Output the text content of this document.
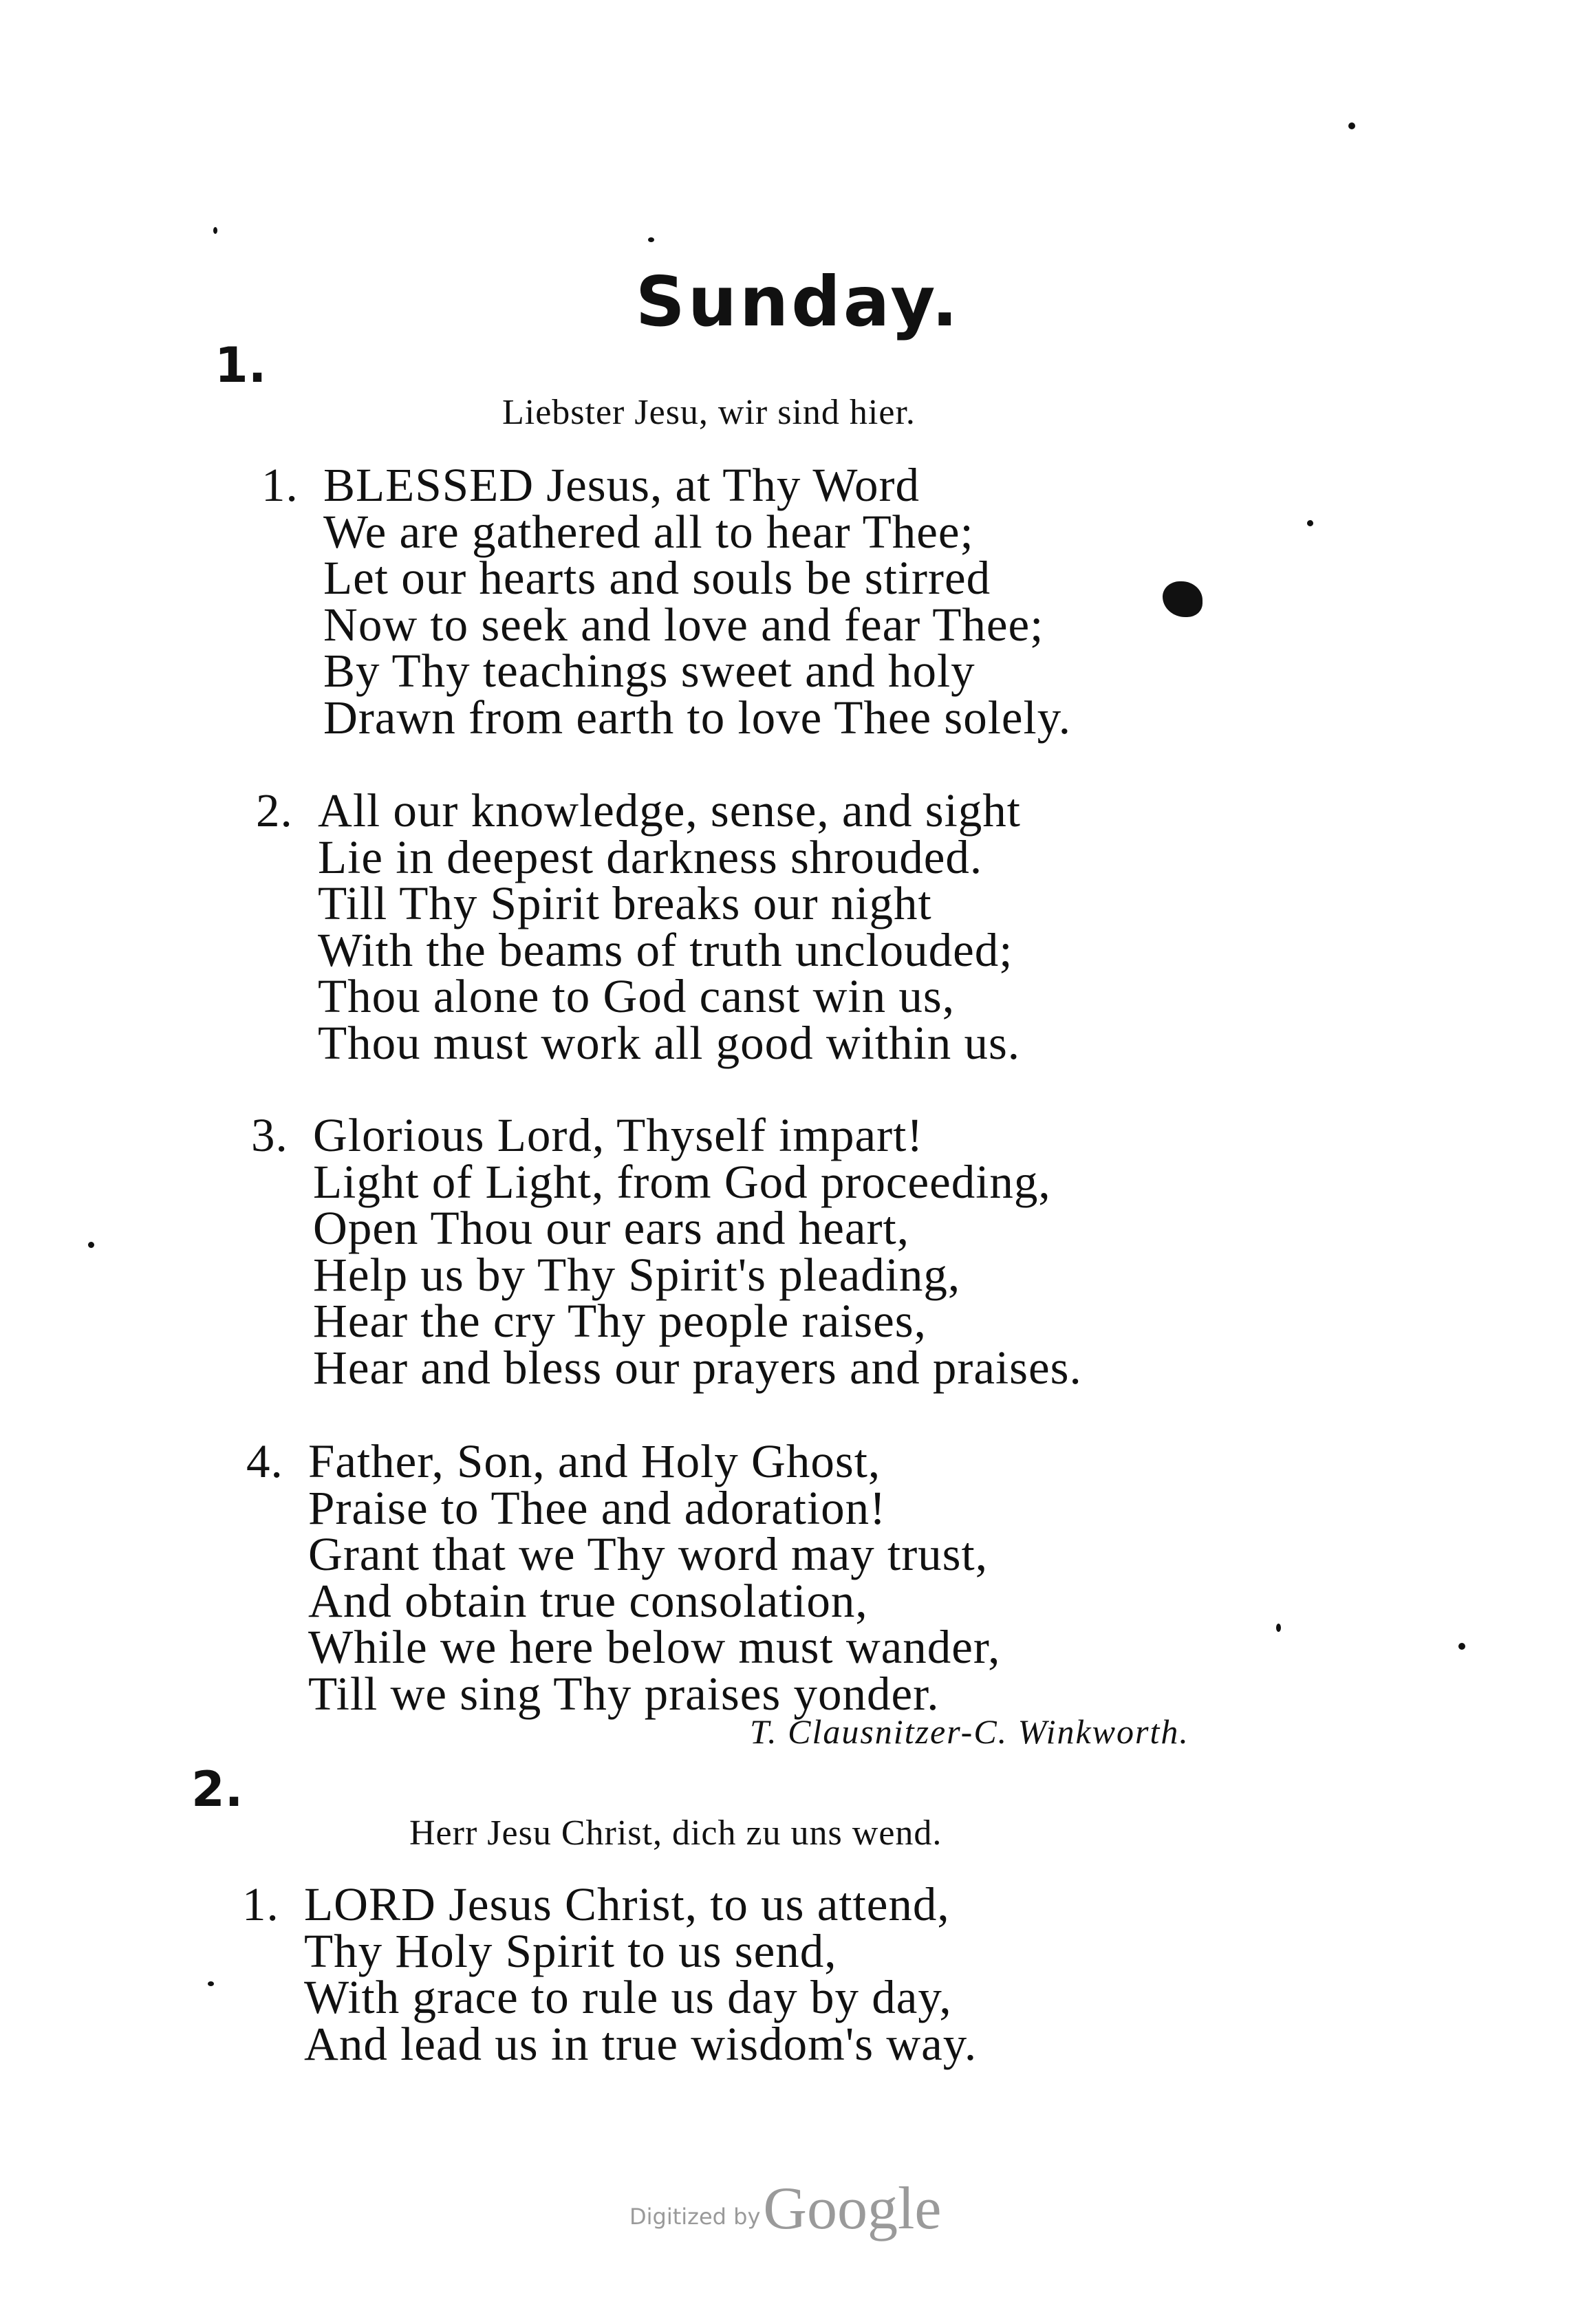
Sunday.
1.
Liebster Jesu, wir sind hier.
1. BLESSED Jesus, at Thy Word
We are gathered all to hear Thee;
Let our hearts and souls be stirred
Now to seek and love and fear Thee;
By Thy teachings sweet and holy
Drawn from earth to love Thee solely.
2. All our knowledge, sense, and sight
Lie in deepest darkness shrouded.
Till Thy Spirit breaks our night
With the beams of truth unclouded;
Thou alone to God canst win us,
Thou must work all good within us.
3. Glorious Lord, Thyself impart!
Light of Light, from God proceeding,
Open Thou our ears and heart,
Help us by Thy Spirit's pleading,
Hear the cry Thy people raises,
Hear and bless our prayers and praises.
4. Father, Son, and Holy Ghost,
Praise to Thee and adoration!
Grant that we Thy word may trust,
And obtain true consolation,
While we here below must wander,
Till we sing Thy praises yonder.
T. Clausnitzer-C. Winkworth.
2.
Herr Jesu Christ, dich zu uns wend.
1. LORD Jesus Christ, to us attend,
Thy Holy Spirit to us send,
With grace to rule us day by day,
And lead us in true wisdom's way.
Digitized by Google
